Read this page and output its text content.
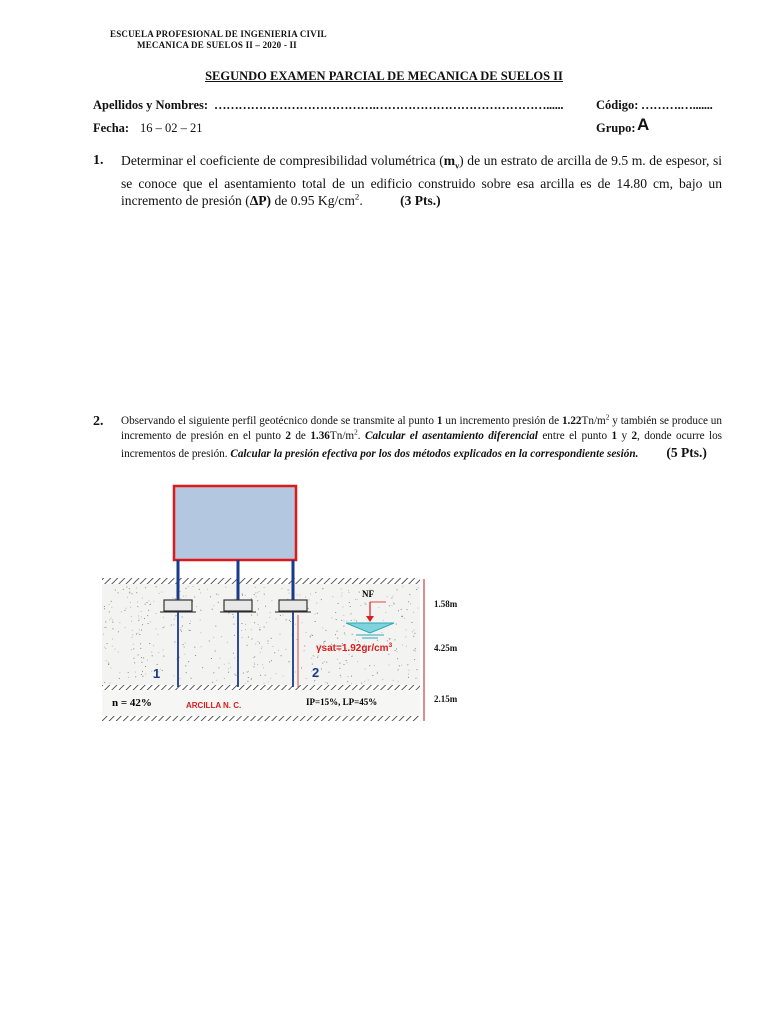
ESCUELA PROFESIONAL DE INGENIERIA CIVIL
MECANICA DE SUELOS II – 2020 - II
SEGUNDO EXAMEN PARCIAL DE MECANICA DE SUELOS II
Apellidos y Nombres: ………………………………….……………………………………......	Código: ……….….......
Fecha: 16 – 02 – 21	Grupo: A
1. Determinar el coeficiente de compresibilidad volumétrica $(m_v)$ de un estrato de arcilla de 9.5 m. de espesor, si se conoce que el asentamiento total de un edificio construido sobre esa arcilla es de 14.80 cm, bajo un incremento de presión (ΔP) de 0.95 $Kg/cm^2$.	(3 Pts.)
2. Observando el siguiente perfil geotécnico donde se transmite al punto 1 un incremento presión de $1.22Tn/m^2$ y también se produce un incremento de presión en el punto 2 de $1.36Tn/m^2$. Calcular el asentamiento diferencial entre el punto 1 y 2, donde ocurre los incrementos de presión. Calcular la presión efectiva por los dos métodos explicados en la correspondiente sesión. (5 Pts.)
NF
$\gamma sat=1.92gr/cm^3$
1	2
n = 42%	ARCILLA N. C.	IP=15%, LP=45%
1.58m
4.25m
2.15m
